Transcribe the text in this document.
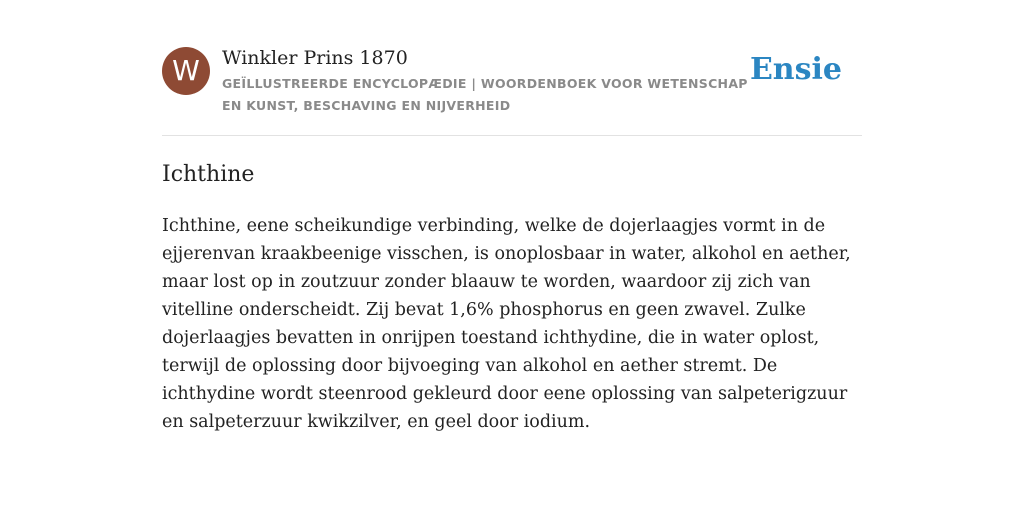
W	Winkler Prins 1870
GEÏLLUSTREERDE ENCYCLOPÆDIE | WOORDENBOEK VOOR WETENSCHAP EN KUNST, BESCHAVING EN NIJVERHEID
Ensie
Ichthine

Ichthine, eene scheikundige verbinding, welke de dojerlaagjes vormt in de ejjerenvan kraakbeenige visschen, is onoplosbaar in water, alkohol en aether, maar lost op in zoutzuur zonder blaauw te worden, waardoor zij zich van vitelline onderscheidt. Zij bevat 1,6% phosphorus en geen zwavel. Zulke dojerlaagjes bevatten in onrijpen toestand ichthydine, die in water oplost, terwijl de oplossing door bijvoeging van alkohol en aether stremt. De ichthydine wordt steenrood gekleurd door eene oplossing van salpeterigzuur en salpeterzuur kwikzilver, en geel door iodium.
